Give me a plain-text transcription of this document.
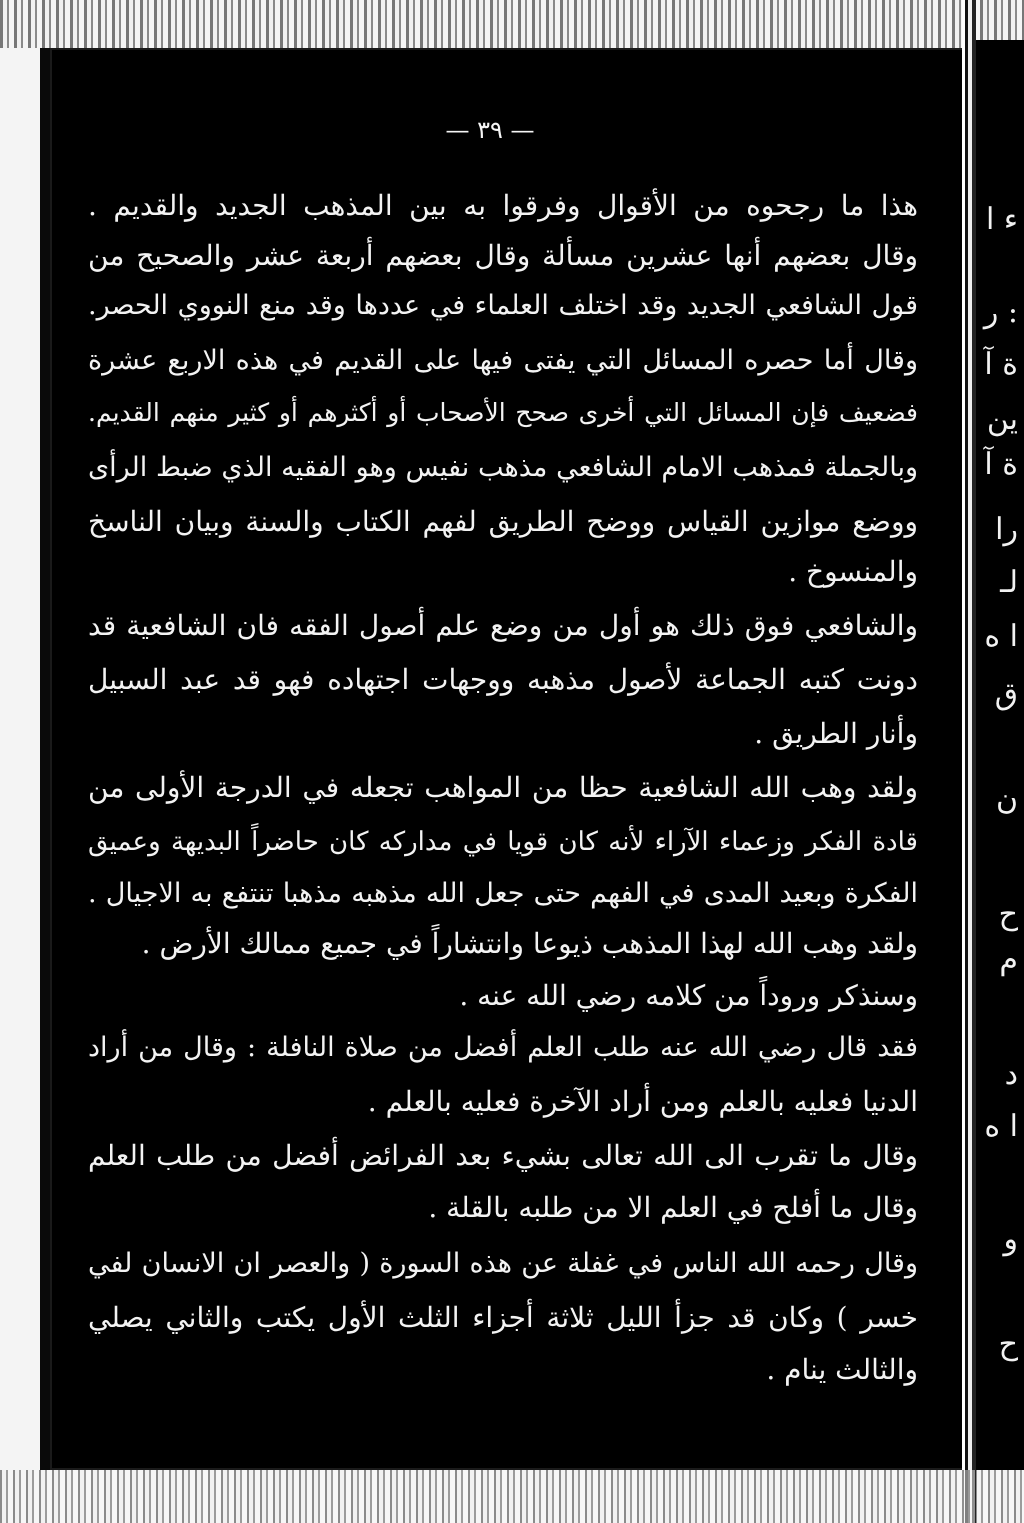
— ٣٩ —
هذا ما رجحوه من الأقوال وفرقوا به بين المذهب الجديد والقديم .
وقال بعضهم أنها عشرين مسألة وقال بعضهم أربعة عشر والصحيح من
قول الشافعي الجديد وقد اختلف العلماء في عددها وقد منع النووي الحصر.
وقال أما حصره المسائل التي يفتى فيها على القديم في هذه الاربع عشرة
فضعيف فإن المسائل التي أخرى صحح الأصحاب أو أكثرهم أو كثير منهم القديم.
وبالجملة فمذهب الامام الشافعي مذهب نفيس وهو الفقيه الذي ضبط الرأى
ووضع موازين القياس ووضح الطريق لفهم الكتاب والسنة وبيان الناسخ
والمنسوخ .
والشافعي فوق ذلك هو أول من وضع علم أصول الفقه فان الشافعية قد
دونت كتبه الجماعة لأصول مذهبه ووجهات اجتهاده فهو قد عبد السبيل
وأنار الطريق .
ولقد وهب الله الشافعية حظا من المواهب تجعله في الدرجة الأولى من
قادة الفكر وزعماء الآراء لأنه كان قويا في مداركه كان حاضراً البديهة وعميق
الفكرة وبعيد المدى في الفهم حتى جعل الله مذهبه مذهبا تنتفع به الاجيال .
ولقد وهب الله لهذا المذهب ذيوعا وانتشاراً في جميع ممالك الأرض .
وسنذكر وروداً من كلامه رضي الله عنه .
فقد قال رضي الله عنه طلب العلم أفضل من صلاة النافلة : وقال من أراد
الدنيا فعليه بالعلم ومن أراد الآخرة فعليه بالعلم .
وقال ما تقرب الى الله تعالى بشيء بعد الفرائض أفضل من طلب العلم
وقال ما أفلح في العلم الا من طلبه بالقلة .
وقال رحمه الله الناس في غفلة عن هذه السورة ( والعصر ان الانسان لفي
خسر ) وكان قد جزأ الليل ثلاثة أجزاء الثلث الأول يكتب والثاني يصلي
والثالث ينام .
ء ا
: ر
ة آ
ين
ة آ
را
لـ
ا ه
ق
ن
ح
م
د
ا ه
و
ح
